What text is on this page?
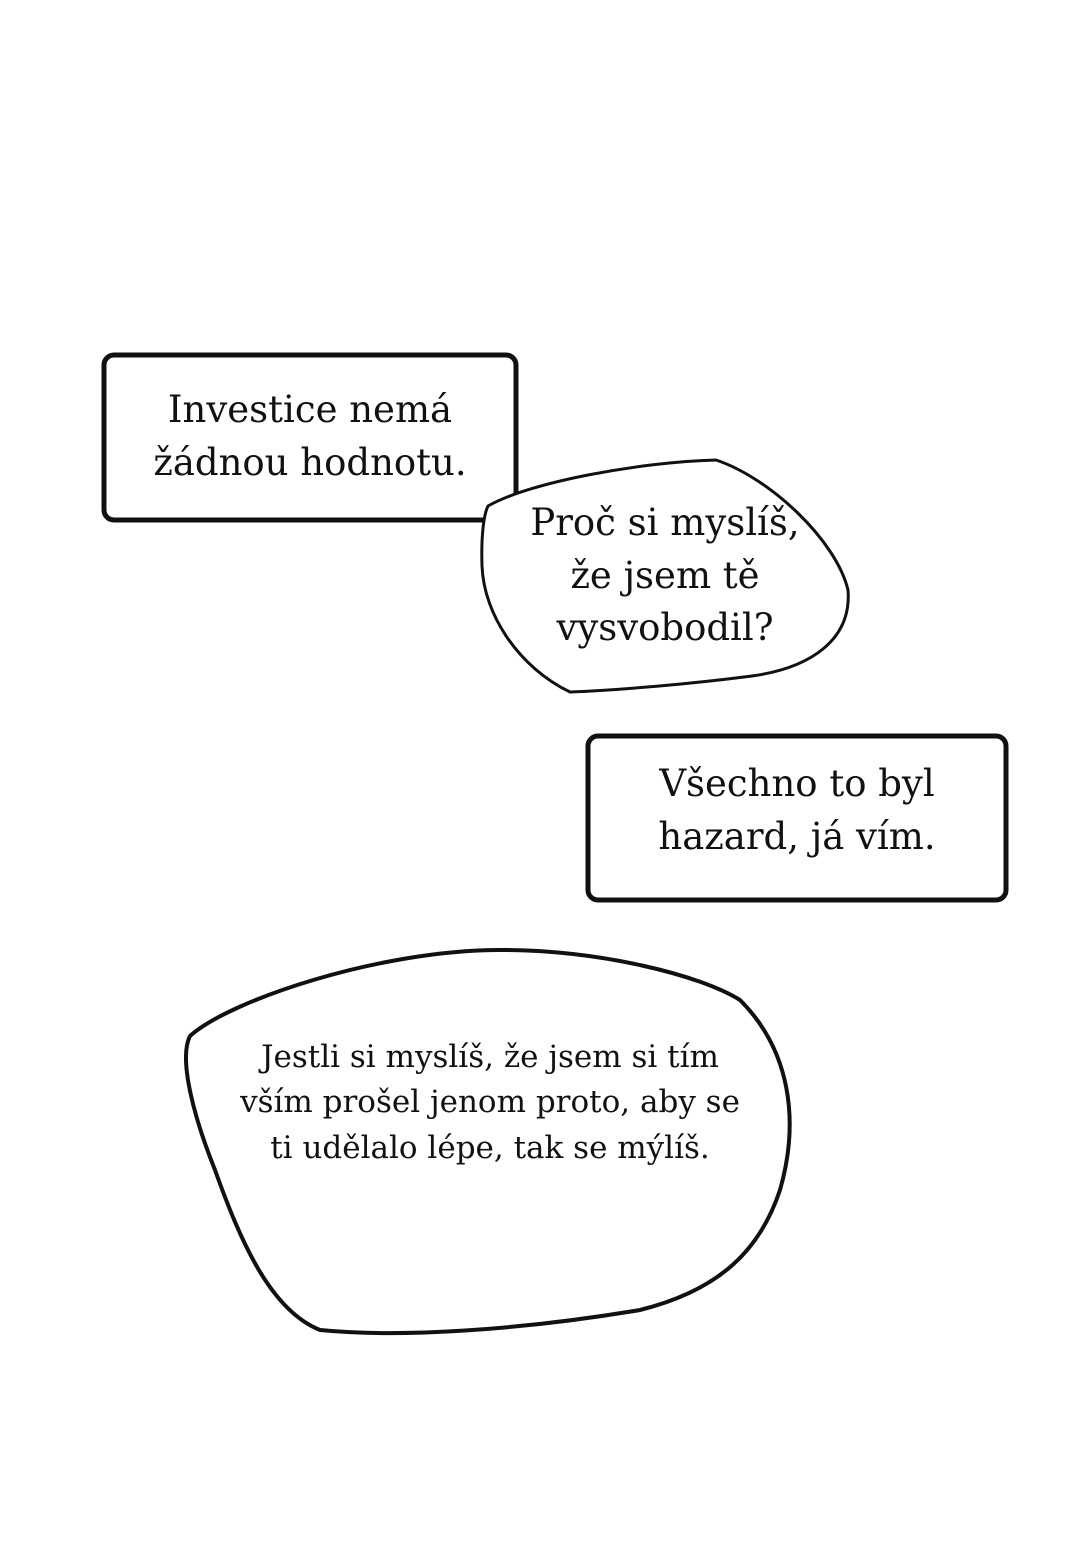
Investice nemá
žádnou hodnotu.
Proč si myslíš,
že jsem tě
vysvobodil?
Všechno to byl
hazard, já vím.
Jestli si myslíš, že jsem si tím
vším prošel jenom proto, aby se
ti udělalo lépe, tak se mýlíš.
